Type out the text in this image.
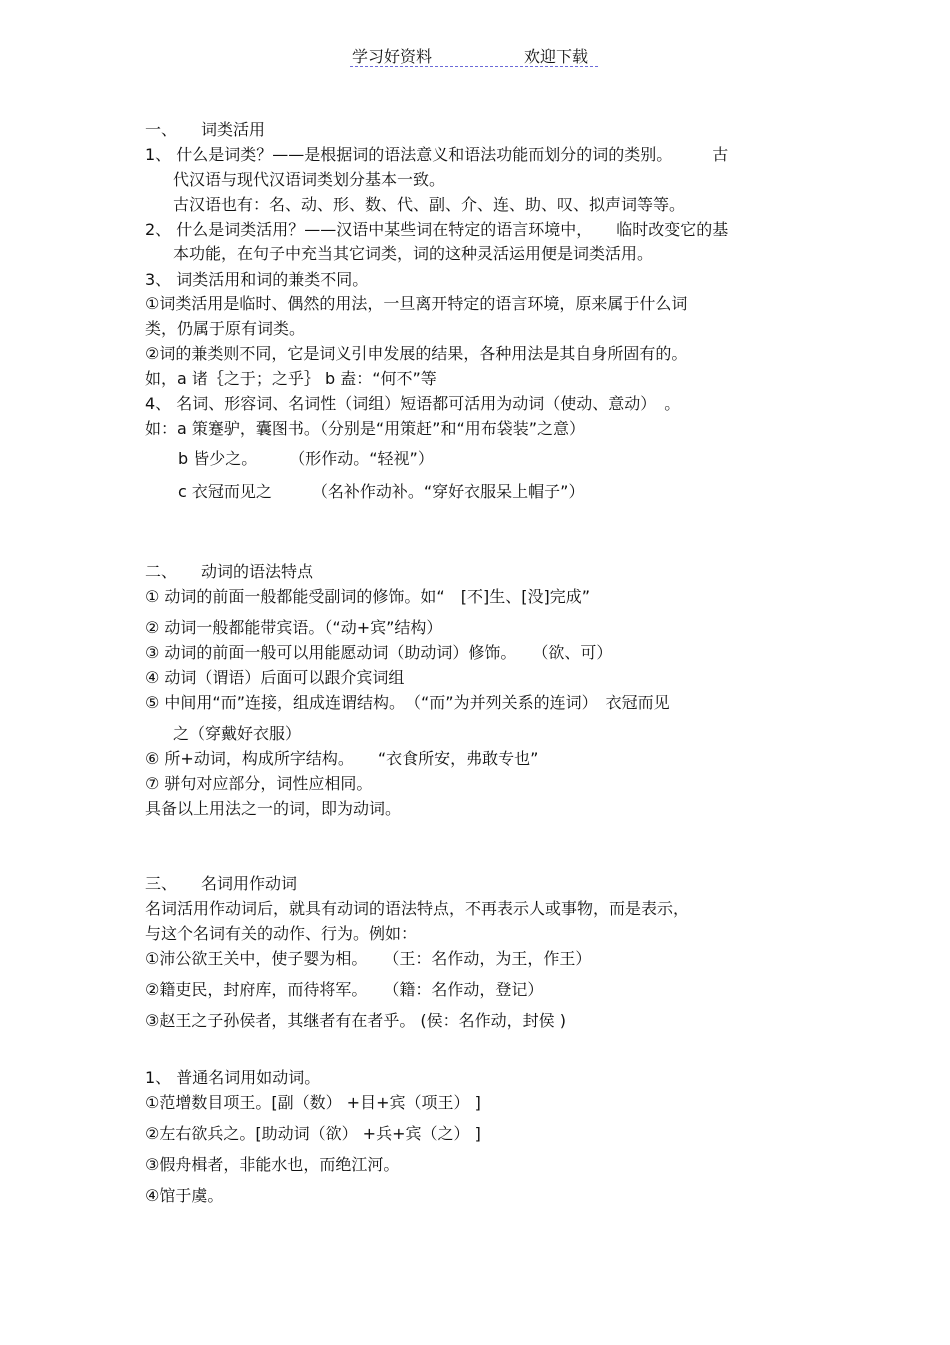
学习好资料	欢迎下载
一、　　词类活用
1、 什么是词类？——是根据词的语法意义和语法功能而划分的词的类别。　　　古
代汉语与现代汉语词类划分基本一致。
古汉语也有：名、动、形、数、代、副、介、连、助、叹、拟声词等等。
2、 什么是词类活用？——汉语中某些词在特定的语言环境中，　　临时改变它的基
本功能，在句子中充当其它词类，词的这种灵活运用便是词类活用。
3、 词类活用和词的兼类不同。
①词类活用是临时、偶然的用法，一旦离开特定的语言环境，原来属于什么词
类，仍属于原有词类。
②词的兼类则不同，它是词义引申发展的结果，各种用法是其自身所固有的。
如，a 诸｛之于；之乎｝ b 盍：“何不”等
4、 名词、形容词、名词性（词组）短语都可活用为动词（使动、意动）　。
如：a 策蹇驴，囊图书。（分别是“用策赶”和“用布袋装”之意）
b 皆少之。　　　（形作动。“轻视”）
c 衣冠而见之　　　（名补作动补。“穿好衣服呆上帽子”）
二、　　动词的语法特点
① 动词的前面一般都能受副词的修饰。如“　[不]生、[没]完成”
② 动词一般都能带宾语。（“动+宾”结构）
③ 动词的前面一般可以用能愿动词（助动词）修饰。　　（欲、可）
④ 动词（谓语）后面可以跟介宾词组
⑤ 中间用“而”连接，组成连谓结构。　（“而”为并列关系的连词）　衣冠而见
之（穿戴好衣服）
⑥ 所+动词，构成所字结构。　　“衣食所安，弗敢专也”
⑦ 骈句对应部分，词性应相同。
具备以上用法之一的词，即为动词。
三、　　名词用作动词
名词活用作动词后，就具有动词的语法特点，不再表示人或事物，而是表示，
与这个名词有关的动作、行为。例如：
①沛公欲王关中，使子婴为相。　　（王：名作动，为王，作王）
②籍吏民，封府库，而待将军。　　（籍：名作动，登记）
③赵王之子孙侯者，其继者有在者乎。 (侯：名作动，封侯 )
1、 普通名词用如动词。
①范增数目项王。[副（数） +目+宾（项王） ]
②左右欲兵之。[助动词（欲） +兵+宾（之） ]
③假舟楫者，非能水也，而绝江河。
④馆于虞。
